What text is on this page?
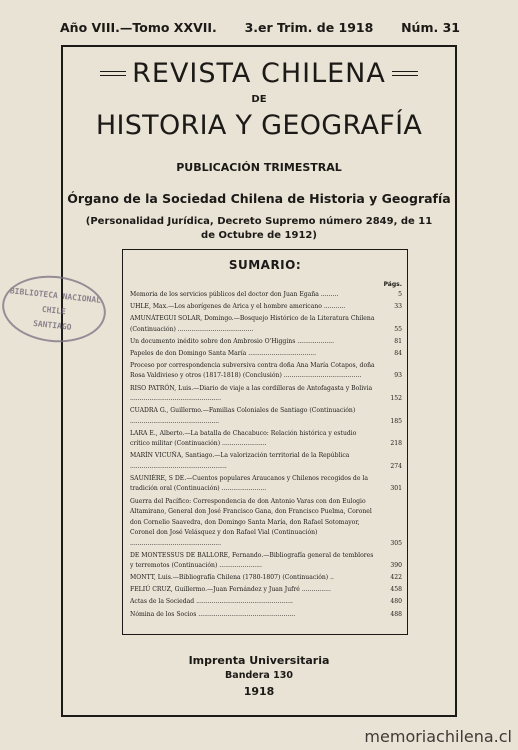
Año VIII.—Tomo XXVII. 3.er Trim. de 1918 Núm. 31
REVISTA CHILENA
DE
HISTORIA Y GEOGRAFÍA
PUBLICACIÓN TRIMESTRAL
Órgano de la Sociedad Chilena de Historia y Geografía
(Personalidad Jurídica, Decreto Supremo número 2849, de 11 de Octubre de 1912)
BIBLIOTECA NACIONAL
CHILE
SANTIAGO
SUMARIO:
Págs.
Memoria de los servicios públicos del doctor don Juan Egaña .........	5
UHLE, Max.—Los aborígenes de Arica y el hombre americano ...........	33
AMUNÁTEGUI SOLAR, Domingo.—Bosquejo Histórico de la Literatura Chilena (Continuación) .......................................	55
Un documento inédito sobre don Ambrosio O'Higgins ...................	81
Papeles de don Domingo Santa María ...................................	84
Proceso por correspondencia subversiva contra doña Ana María Cotapos, doña Rosa Valdivieso y otros (1817-1818) (Conclusión) ........................................	93
RISO PATRÓN, Luis.—Diario de viaje a las cordilleras de Antofagasta y Bolivia ...............................................	152
CUADRA G., Guillermo.—Familias Coloniales de Santiago (Continuación) ..............................................	185
LARA E., Alberto.—La batalla de Chacabuco: Relación histórica y estudio crítico militar (Continuación) .......................	218
MARÍN VICUÑA, Santiago.—La valorización territorial de la República ..................................................	274
SAUNIÈRE, S DE.—Cuentos populares Araucanos y Chilenos recogidos de la tradición oral (Continuación) .......................	301
Guerra del Pacífico: Correspondencia de don Antonio Varas con don Eulogio Altamirano, General don José Francisco Gana, don Francisco Puelma, Coronel don Cornelio Saavedra, don Domingo Santa María, don Rafael Sotomayor, Coronel don José Velásquez y don Rafael Vial (Continuación) ...............................................	305
DE MONTESSUS DE BALLORE, Fernando.—Bibliografía general de temblores y terremotos (Continuación) ......................	390
MONTT, Luis.—Bibliografía Chilena (1780-1807) (Continuación) ..	422
FELIÚ CRUZ, Guillermo.—Juan Fernández y Juan Jufré ...............	458
Actas de la Sociedad ..................................................	480
Nómina de los Socios ..................................................	488
Imprenta Universitaria
Bandera 130
1918
memoriachilena.cl
